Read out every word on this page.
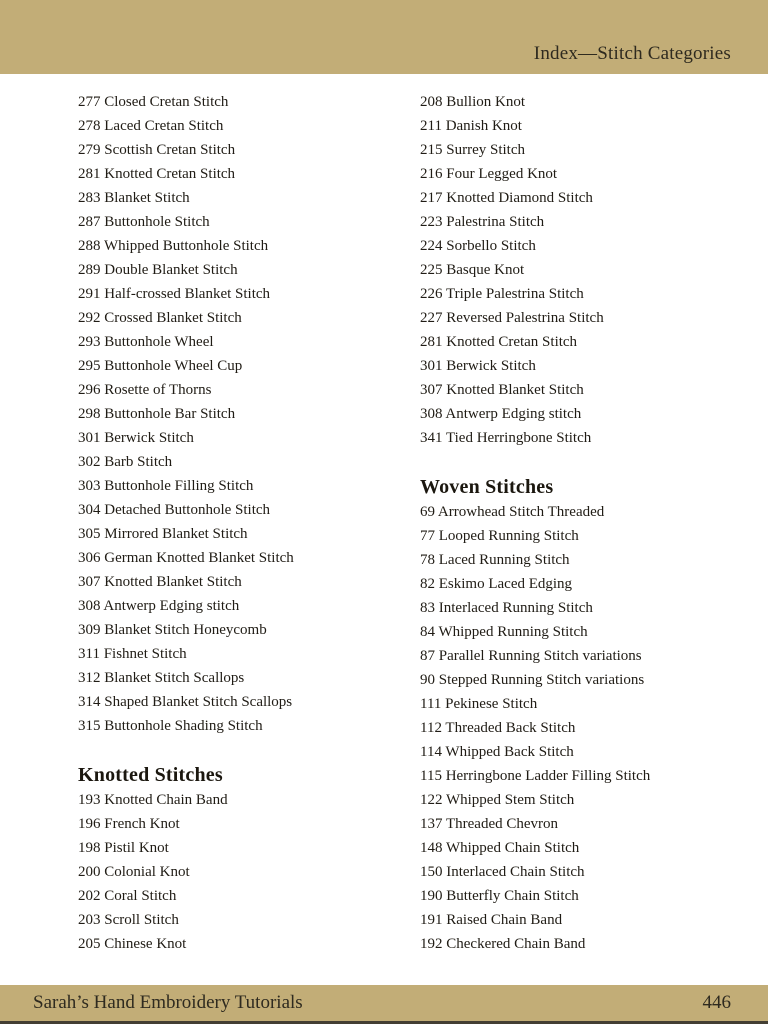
Index—Stitch Categories
277 Closed Cretan Stitch
278 Laced Cretan Stitch
279 Scottish Cretan Stitch
281 Knotted Cretan Stitch
283 Blanket Stitch
287 Buttonhole Stitch
288 Whipped Buttonhole Stitch
289 Double Blanket Stitch
291 Half-crossed Blanket Stitch
292 Crossed Blanket Stitch
293 Buttonhole Wheel
295 Buttonhole Wheel Cup
296 Rosette of Thorns
298 Buttonhole Bar Stitch
301 Berwick Stitch
302 Barb Stitch
303 Buttonhole Filling Stitch
304 Detached Buttonhole Stitch
305 Mirrored Blanket Stitch
306 German Knotted Blanket Stitch
307 Knotted Blanket Stitch
308 Antwerp Edging stitch
309 Blanket Stitch Honeycomb
311 Fishnet Stitch
312 Blanket Stitch Scallops
314 Shaped Blanket Stitch Scallops
315 Buttonhole Shading Stitch
Knotted Stitches
193 Knotted Chain Band
196 French Knot
198 Pistil Knot
200 Colonial Knot
202 Coral Stitch
203 Scroll Stitch
205 Chinese Knot
208 Bullion Knot
211 Danish Knot
215 Surrey Stitch
216 Four Legged Knot
217 Knotted Diamond Stitch
223 Palestrina Stitch
224 Sorbello Stitch
225 Basque Knot
226 Triple Palestrina Stitch
227 Reversed Palestrina Stitch
281 Knotted Cretan Stitch
301 Berwick Stitch
307 Knotted Blanket Stitch
308 Antwerp Edging stitch
341 Tied Herringbone Stitch
Woven Stitches
69 Arrowhead Stitch Threaded
77 Looped Running Stitch
78 Laced Running Stitch
82 Eskimo Laced Edging
83 Interlaced Running Stitch
84 Whipped Running Stitch
87 Parallel Running Stitch variations
90 Stepped Running Stitch variations
111 Pekinese Stitch
112 Threaded Back Stitch
114 Whipped Back Stitch
115 Herringbone Ladder Filling Stitch
122 Whipped Stem Stitch
137 Threaded Chevron
148 Whipped Chain Stitch
150 Interlaced Chain Stitch
190 Butterfly Chain Stitch
191 Raised Chain Band
192 Checkered Chain Band
Sarah’s Hand Embroidery Tutorials	446
